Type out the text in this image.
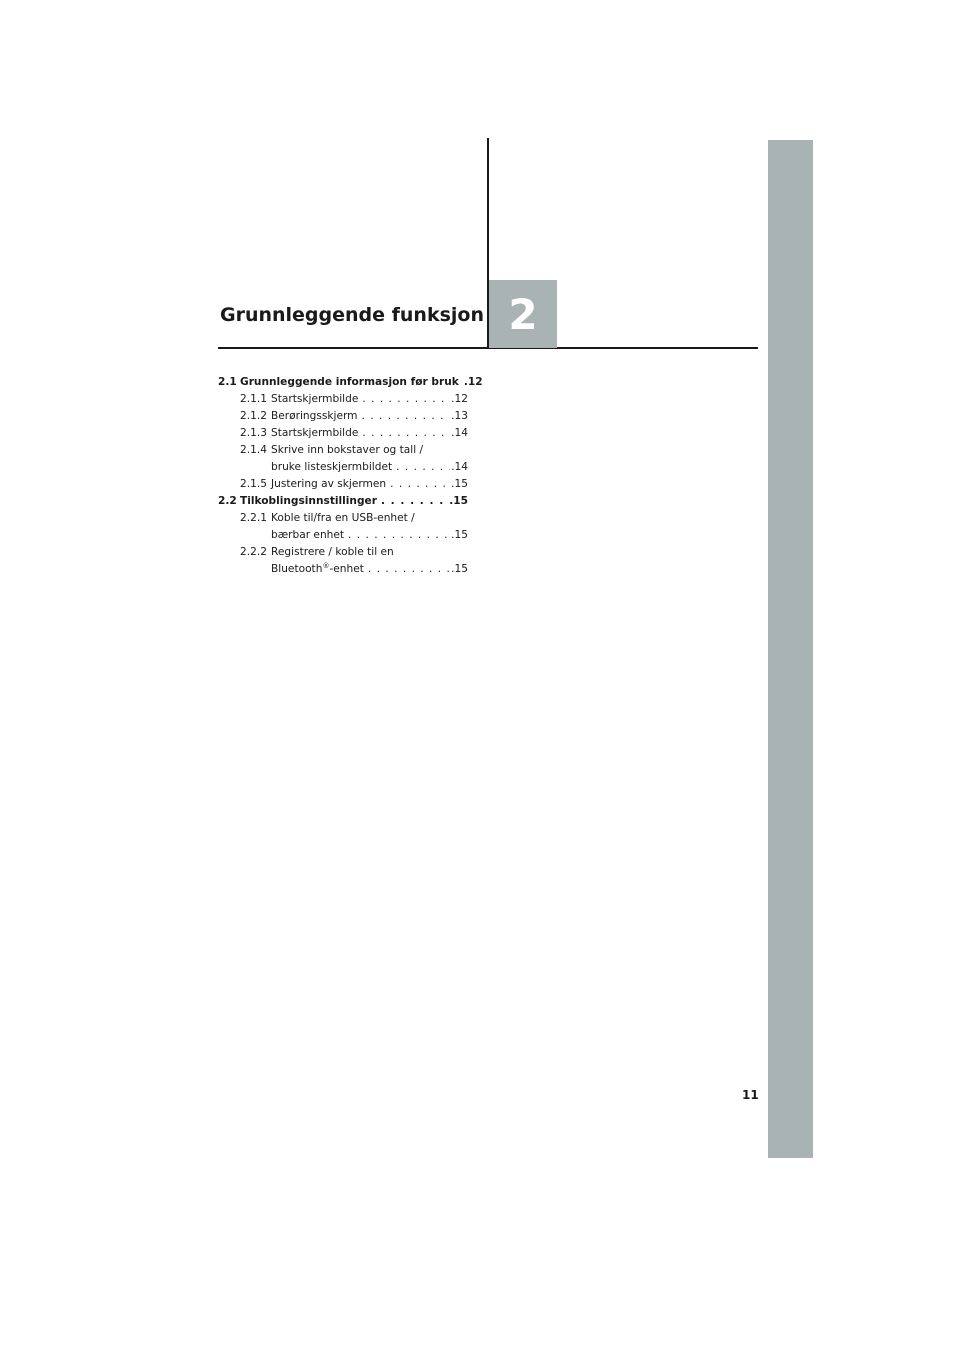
Grunnleggende funksjon 2
2.1 Grunnleggende informasjon før bruk . . . .12
2.1.1 Startskjermbilde . . .	.12
2.1.2 Berøringsskjerm . . .	.13
2.1.3 Startskjermbilde . . .	.14
2.1.4 Skrive inn bokstaver og tall /
bruke listeskjermbildet . . .	.14
2.1.5 Justering av skjermen . . .	.15
2.2 Tilkoblingsinnstillinger . . .	.15
2.2.1 Koble til/fra en USB-enhet /
bærbar enhet . . .	.15
2.2.2 Registrere / koble til en
Bluetooth®-enhet . . .	.15
11
